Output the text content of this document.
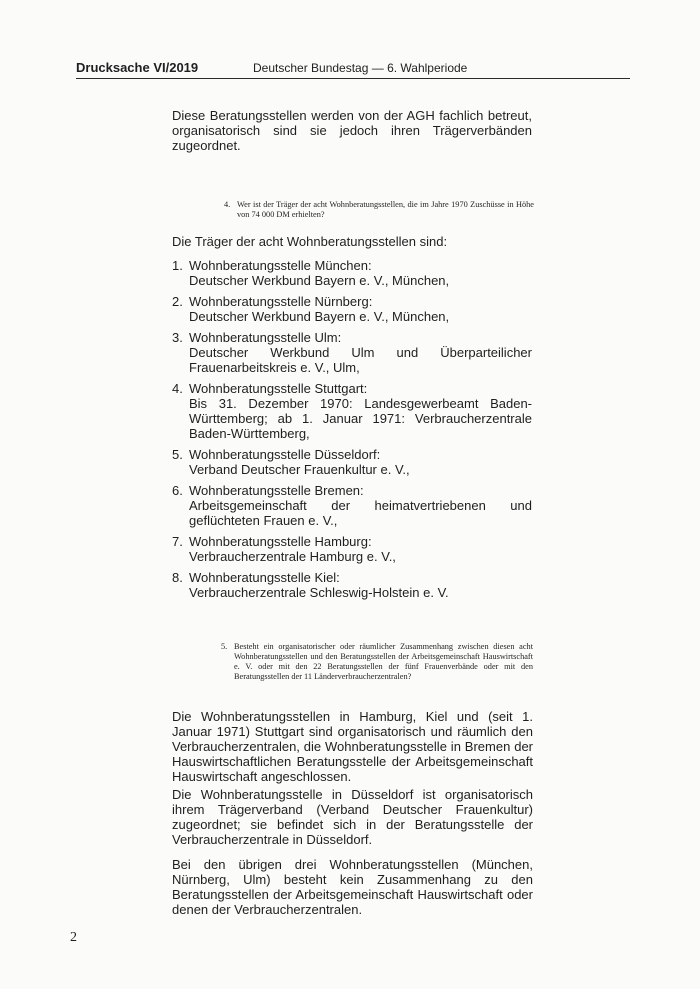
Drucksache VI/2019	Deutscher Bundestag — 6. Wahlperiode

Diese Beratungsstellen werden von der AGH fachlich betreut, organisatorisch sind sie jedoch ihren Trägerverbänden zugeordnet.

4. Wer ist der Träger der acht Wohnberatungsstellen, die im Jahre 1970 Zuschüsse in Höhe von 74 000 DM erhielten?

Die Träger der acht Wohnberatungsstellen sind:

1. Wohnberatungsstelle München:
Deutscher Werkbund Bayern e. V., München,
2. Wohnberatungsstelle Nürnberg:
Deutscher Werkbund Bayern e. V., München,
3. Wohnberatungsstelle Ulm:
Deutscher Werkbund Ulm und Überparteilicher Frauenarbeitskreis e. V., Ulm,
4. Wohnberatungsstelle Stuttgart:
Bis 31. Dezember 1970: Landesgewerbeamt Baden-Württemberg; ab 1. Januar 1971: Verbraucherzentrale Baden-Württemberg,
5. Wohnberatungsstelle Düsseldorf:
Verband Deutscher Frauenkultur e. V.,
6. Wohnberatungsstelle Bremen:
Arbeitsgemeinschaft der heimatvertriebenen und geflüchteten Frauen e. V.,
7. Wohnberatungsstelle Hamburg:
Verbraucherzentrale Hamburg e. V.,
8. Wohnberatungsstelle Kiel:
Verbraucherzentrale Schleswig-Holstein e. V.
5. Besteht ein organisatorischer oder räumlicher Zusammenhang zwischen diesen acht Wohnberatungsstellen und den Beratungsstellen der Arbeitsgemeinschaft Hauswirtschaft e. V. oder mit den 22 Beratungsstellen der fünf Frauenverbände oder mit den Beratungsstellen der 11 Länderverbraucherzentralen?

Die Wohnberatungsstellen in Hamburg, Kiel und (seit 1. Januar 1971) Stuttgart sind organisatorisch und räumlich den Verbraucherzentralen, die Wohnberatungsstelle in Bremen der Hauswirtschaftlichen Beratungsstelle der Arbeitsgemeinschaft Hauswirtschaft angeschlossen.

Die Wohnberatungsstelle in Düsseldorf ist organisatorisch ihrem Trägerverband (Verband Deutscher Frauenkultur) zugeordnet; sie befindet sich in der Beratungsstelle der Verbraucherzentrale in Düsseldorf.

Bei den übrigen drei Wohnberatungsstellen (München, Nürnberg, Ulm) besteht kein Zusammenhang zu den Beratungsstellen der Arbeitsgemeinschaft Hauswirtschaft oder denen der Verbraucherzentralen.

2
